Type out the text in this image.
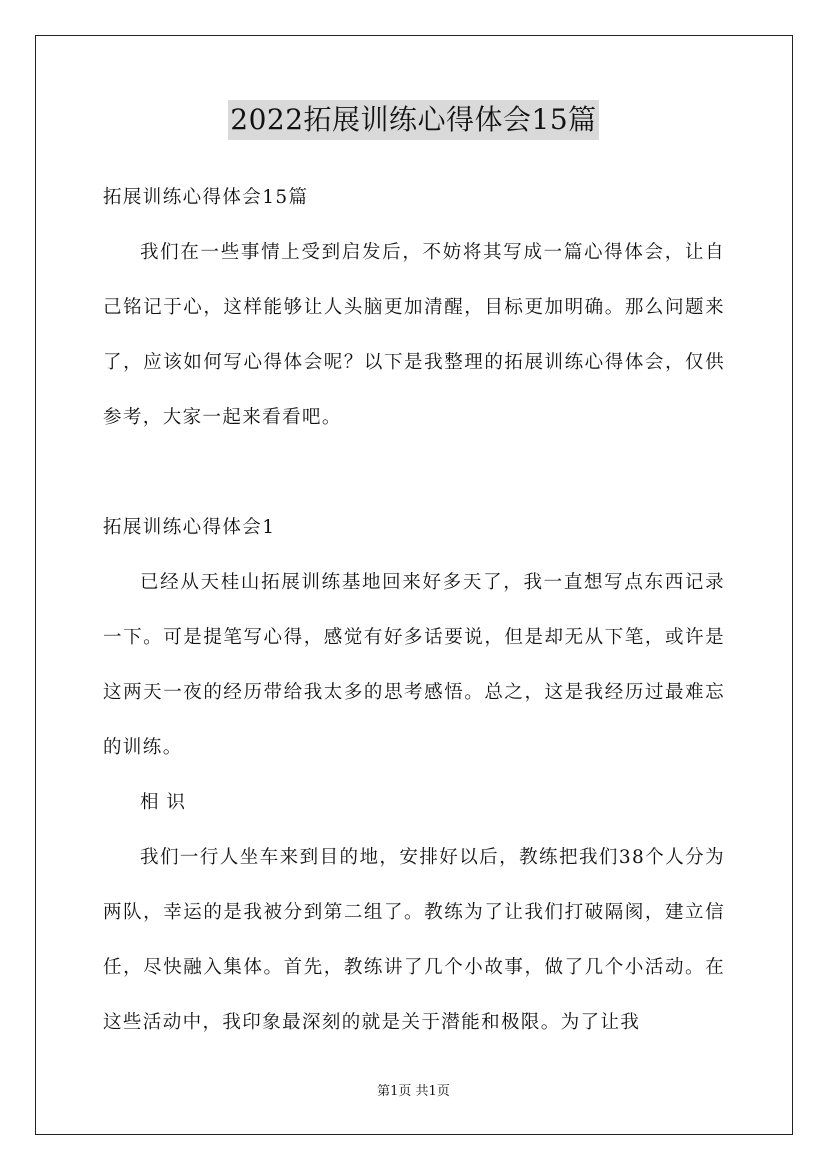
2022拓展训练心得体会15篇

拓展训练心得体会15篇

我们在一些事情上受到启发后，不妨将其写成一篇心得体会，让自己铭记于心，这样能够让人头脑更加清醒，目标更加明确。那么问题来了，应该如何写心得体会呢？以下是我整理的拓展训练心得体会，仅供参考，大家一起来看看吧。

拓展训练心得体会1

已经从天桂山拓展训练基地回来好多天了，我一直想写点东西记录一下。可是提笔写心得，感觉有好多话要说，但是却无从下笔，或许是这两天一夜的经历带给我太多的思考感悟。总之，这是我经历过最难忘的训练。

相识

我们一行人坐车来到目的地，安排好以后，教练把我们38个人分为两队，幸运的是我被分到第二组了。教练为了让我们打破隔阂，建立信任，尽快融入集体。首先，教练讲了几个小故事，做了几个小活动。在这些活动中，我印象最深刻的就是关于潜能和极限。为了让我

第1页 共1页
